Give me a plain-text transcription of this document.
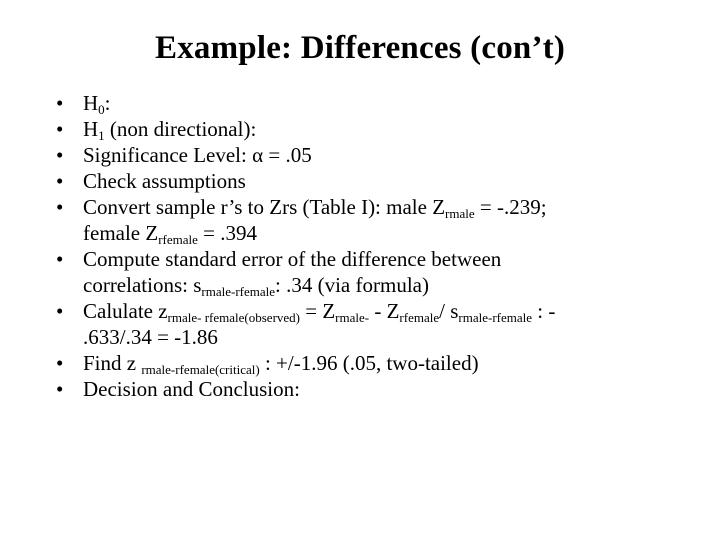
Example: Differences (con’t)
• $H_0$:
• $H_1$ (non directional):
• Significance Level: α = .05
• Check assumptions
• Convert sample r’s to Zrs (Table I): male $Z_{rmale} = -.239$;
female $Z_{rfemale} = .394$
• Compute standard error of the difference between
correlations: $s_{rmale-rfemale}$: .34 (via formula)
• Calulate $z_{rmale- rfemale(observed)} = Z_{rmale-} - Z_{rfemale}/$ $s_{rmale-rfemale}$ : -
.633/.34 = -1.86
• Find z $_{rmale-rfemale(critical)}$ : +/-1.96 (.05, two-tailed)
• Decision and Conclusion:
